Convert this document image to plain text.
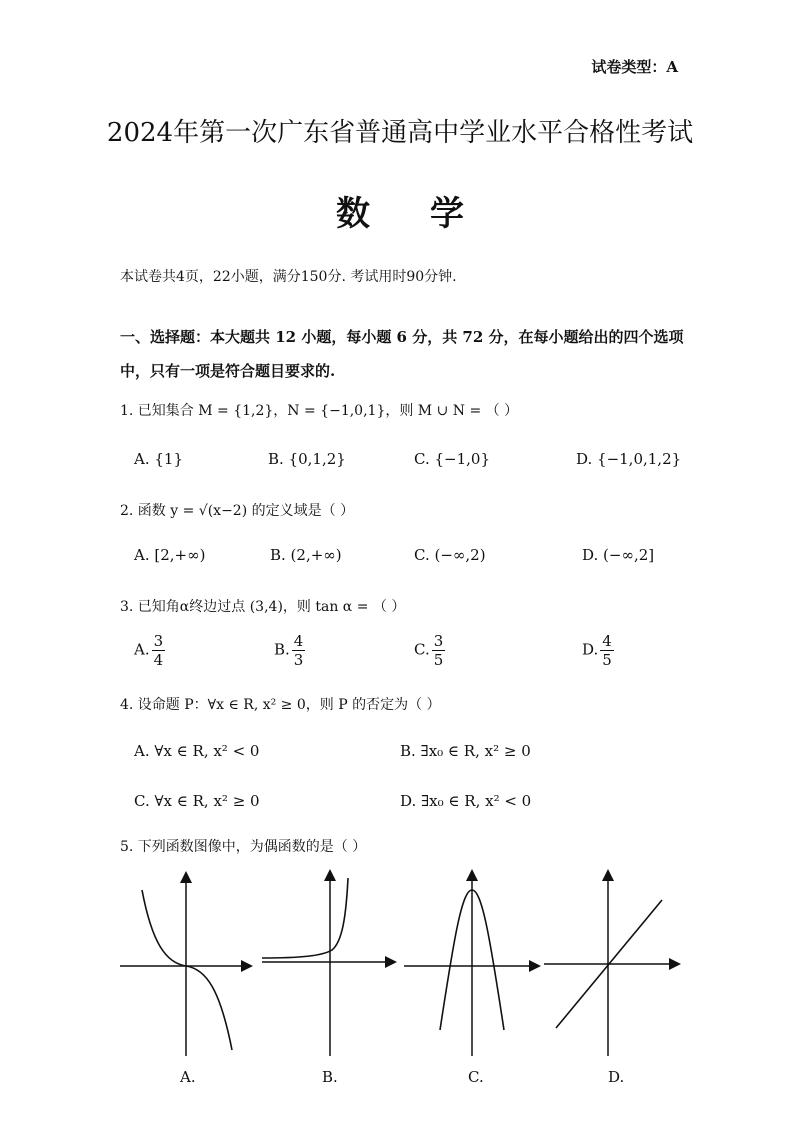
试卷类型：A
2024年第一次广东省普通高中学业水平合格性考试
数学
本试卷共4页，22小题，满分150分. 考试用时90分钟.
一、选择题：本大题共 12 小题，每小题 6 分，共 72 分，在每小题给出的四个选项中，只有一项是符合题目要求的.
1. 已知集合 M = {1,2}，N = {−1,0,1}，则 M ∪ N = （ ）
A. {1}	B. {0,1,2}	C. {−1,0}	D. {−1,0,1,2}
2. 函数 y = √(x−2) 的定义域是（ ）
A. [2,+∞)	B. (2,+∞)	C. (−∞,2)	D. (−∞,2]
3. 已知角α终边过点 (3,4)，则 tan α = （ ）
A. $\frac{3}{4}$	B. $\frac{4}{3}$	C. $\frac{3}{5}$	D. $\frac{4}{5}$
4. 设命题 P：∀x ∈ R, x² ≥ 0，则 P 的否定为（ ）
A. ∀x ∈ R, x² < 0	B. ∃x₀ ∈ R, x² ≥ 0
C. ∀x ∈ R, x² ≥ 0	D. ∃x₀ ∈ R, x² < 0
5. 下列函数图像中，为偶函数的是（ ）
A.	B.	C.	D.
